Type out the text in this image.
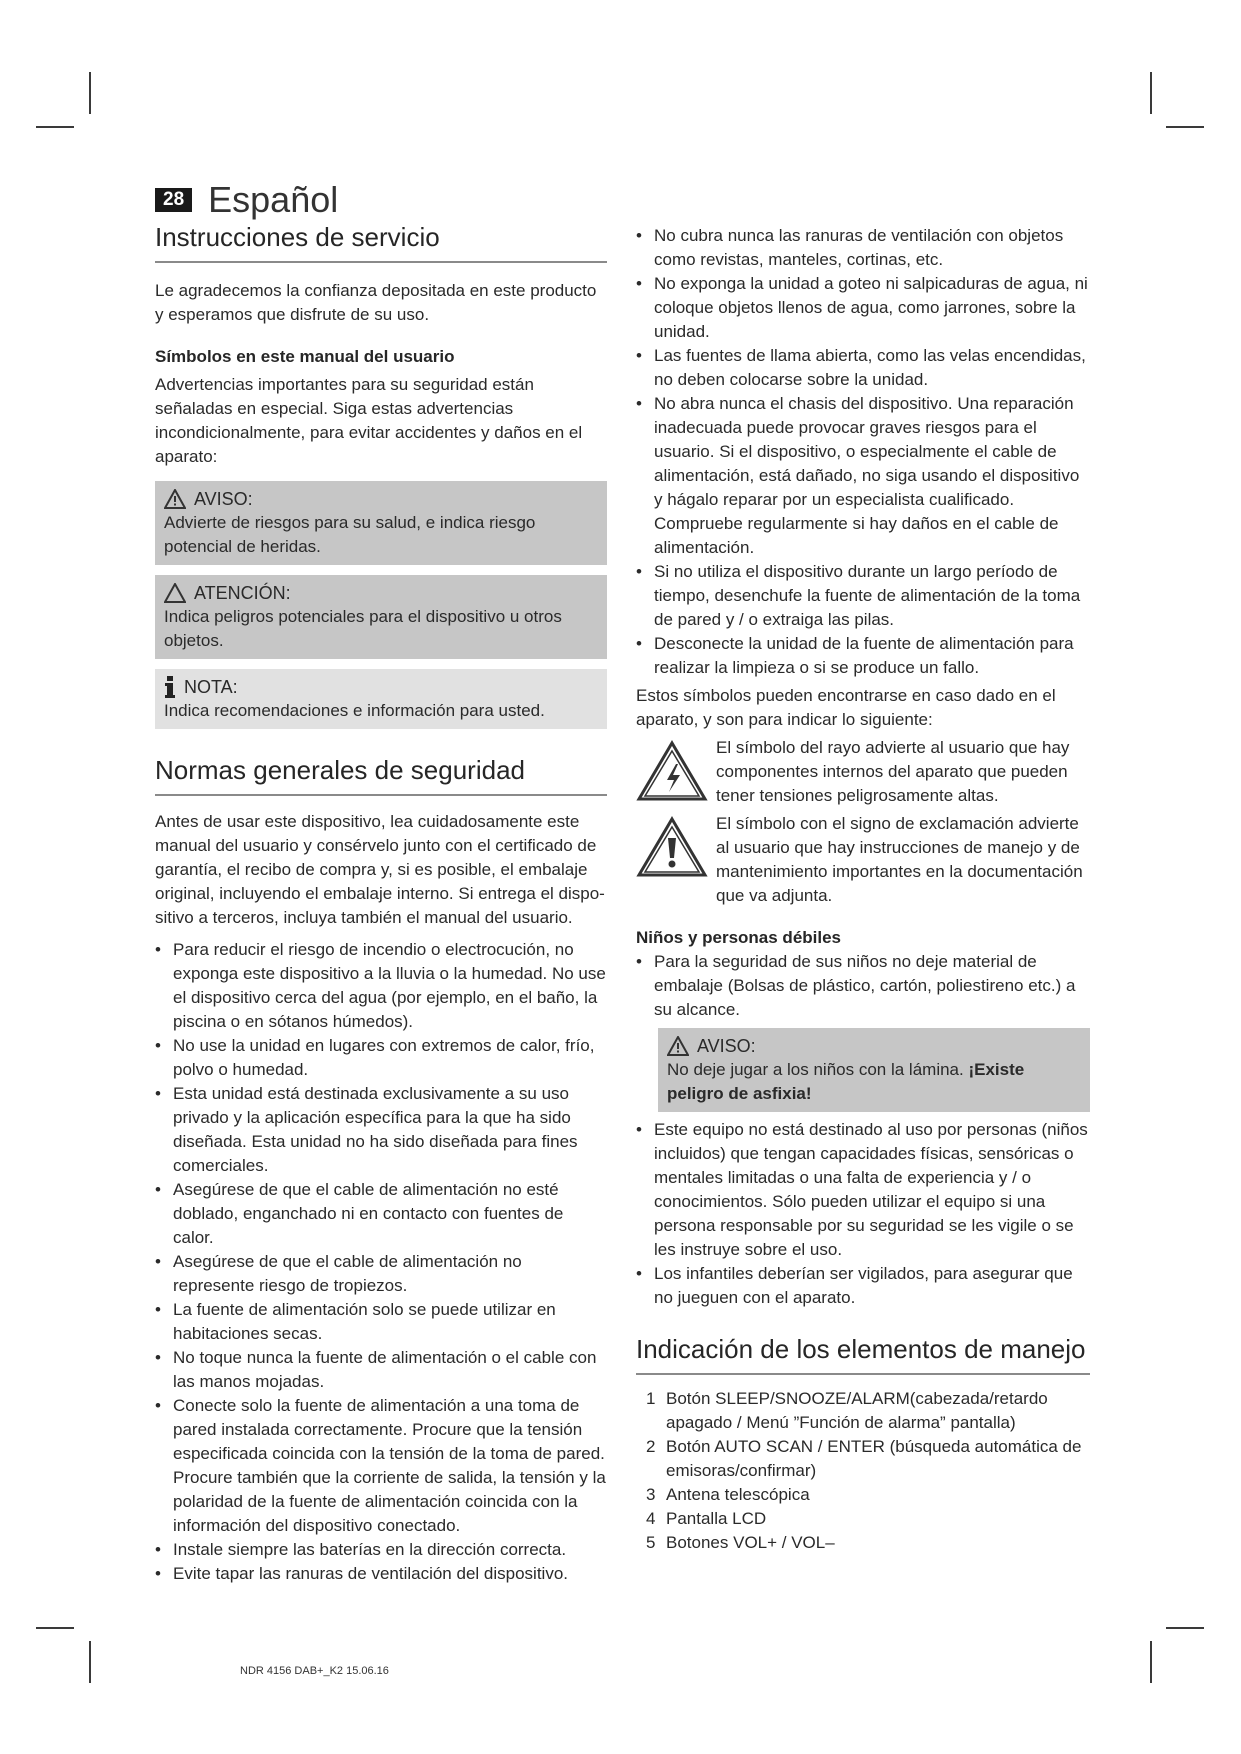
28 Español
Instrucciones de servicio

Le agradecemos la confianza depositada en este producto y esperamos que disfrute de su uso.

Símbolos en este manual del usuario

Advertencias importantes para su seguridad están señaladas en especial. Siga estas advertencias incondicionalmente, para evitar accidentes y daños en el aparato:

AVISO:
Advierte de riesgos para su salud, e indica riesgo potencial de heridas.
ATENCIÓN:
Indica peligros potenciales para el dispositivo u otros objetos.
NOTA:
Indica recomendaciones e información para usted.
Normas generales de seguridad

Antes de usar este dispositivo, lea cuidadosamente este manual del usuario y consérvelo junto con el certificado de garantía, el recibo de compra y, si es posible, el embalaje original, incluyendo el embalaje interno. Si entrega el dispositivo a terceros, incluya también el manual del usuario.

• Para reducir el riesgo de incendio o electrocución, no exponga este dispositivo a la lluvia o la humedad. No use el dispositivo cerca del agua (por ejemplo, en el baño, la piscina o en sótanos húmedos).
• No use la unidad en lugares con extremos de calor, frío, polvo o humedad.
• Esta unidad está destinada exclusivamente a su uso privado y la aplicación específica para la que ha sido diseñada. Esta unidad no ha sido diseñada para fines comerciales.
• Asegúrese de que el cable de alimentación no esté doblado, enganchado ni en contacto con fuentes de calor.
• Asegúrese de que el cable de alimentación no represente riesgo de tropiezos.
• La fuente de alimentación solo se puede utilizar en habitaciones secas.
• No toque nunca la fuente de alimentación o el cable con las manos mojadas.
• Conecte solo la fuente de alimentación a una toma de pared instalada correctamente. Procure que la tensión especificada coincida con la tensión de la toma de pared. Procure también que la corriente de salida, la tensión y la polaridad de la fuente de alimentación coincida con la información del dispositivo conectado.
• Instale siempre las baterías en la dirección correcta.
• Evite tapar las ranuras de ventilación del dispositivo.
• No cubra nunca las ranuras de ventilación con objetos como revistas, manteles, cortinas, etc.
• No exponga la unidad a goteo ni salpicaduras de agua, ni coloque objetos llenos de agua, como jarrones, sobre la unidad.
• Las fuentes de llama abierta, como las velas encendidas, no deben colocarse sobre la unidad.
• No abra nunca el chasis del dispositivo. Una reparación inadecuada puede provocar graves riesgos para el usuario. Si el dispositivo, o especialmente el cable de alimentación, está dañado, no siga usando el dispositivo y hágalo reparar por un especialista cualificado. Compruebe regularmente si hay daños en el cable de alimentación.
• Si no utiliza el dispositivo durante un largo período de tiempo, desenchufe la fuente de alimentación de la toma de pared y / o extraiga las pilas.
• Desconecte la unidad de la fuente de alimentación para realizar la limpieza o si se produce un fallo.

Estos símbolos pueden encontrarse en caso dado en el aparato, y son para indicar lo siguiente:

El símbolo del rayo advierte al usuario que hay componentes internos del aparato que pueden tener tensiones peligrosamente altas.

El símbolo con el signo de exclamación advierte al usuario que hay instrucciones de manejo y de mantenimiento importantes en la documentación que va adjunta.

Niños y personas débiles
• Para la seguridad de sus niños no deje material de embalaje (Bolsas de plástico, cartón, poliestireno etc.) a su alcance.
AVISO:
No deje jugar a los niños con la lámina. ¡Existe peligro de asfixia!
• Este equipo no está destinado al uso por personas (niños incluidos) que tengan capacidades físicas, sensóricas o mentales limitadas o una falta de experiencia y / o conocimientos. Sólo pueden utilizar el equipo si una persona responsable por su seguridad se les vigile o se les instruye sobre el uso.
• Los infantiles deberían ser vigilados, para asegurar que no jueguen con el aparato.
Indicación de los elementos de manejo
1 Botón SLEEP/SNOOZE/ALARM(cabezada/retardo apagado / Menú ”Función de alarma” pantalla)
2 Botón AUTO SCAN / ENTER (búsqueda automática de emisoras/confirmar)
3 Antena telescópica
4 Pantalla LCD
5 Botones VOL+ / VOL–
NDR 4156 DAB+_K2 15.06.16
